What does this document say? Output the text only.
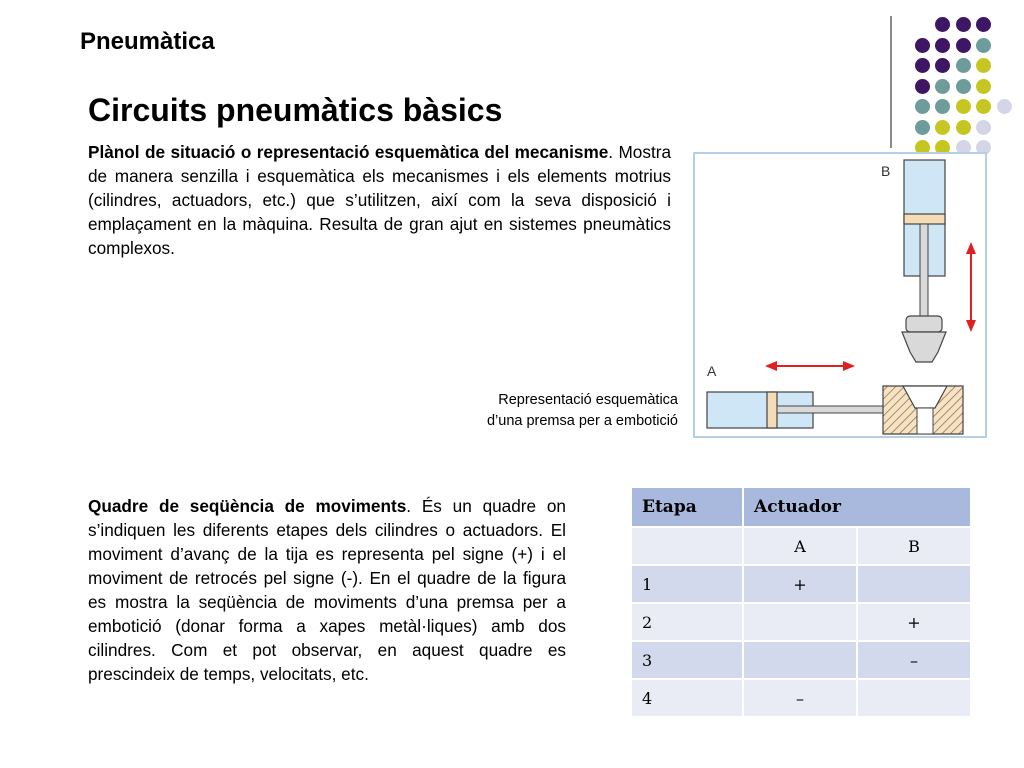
Pneumàtica
Circuits pneumàtics bàsics

Plànol de situació o representació esquemàtica del mecanisme. Mostra de manera senzilla i esquemàtica els mecanismes i els elements motrius (cilindres, actuadors, etc.) que s’utilitzen, així com la seva disposició i emplaçament en la màquina. Resulta de gran ajut en sistemes pneumàtics complexos.

B
A
Representació esquemàtica
d’una premsa per a embotició

Quadre de seqüència de moviments. És un quadre on s’indiquen les diferents etapes dels cilindres o actuadors. El moviment d’avanç de la tija es representa pel signe (+) i el moviment de retrocés pel signe (-). En el quadre de la figura es mostra la seqüència de moviments d’una premsa per a embotició (donar forma a xapes metàl·liques) amb dos cilindres. Com et pot observar, en aquest quadre es prescindeix de temps, velocitats, etc.

Etapa	Actuador	
	A	B
1	+	
2		+
3		–
4	–	
